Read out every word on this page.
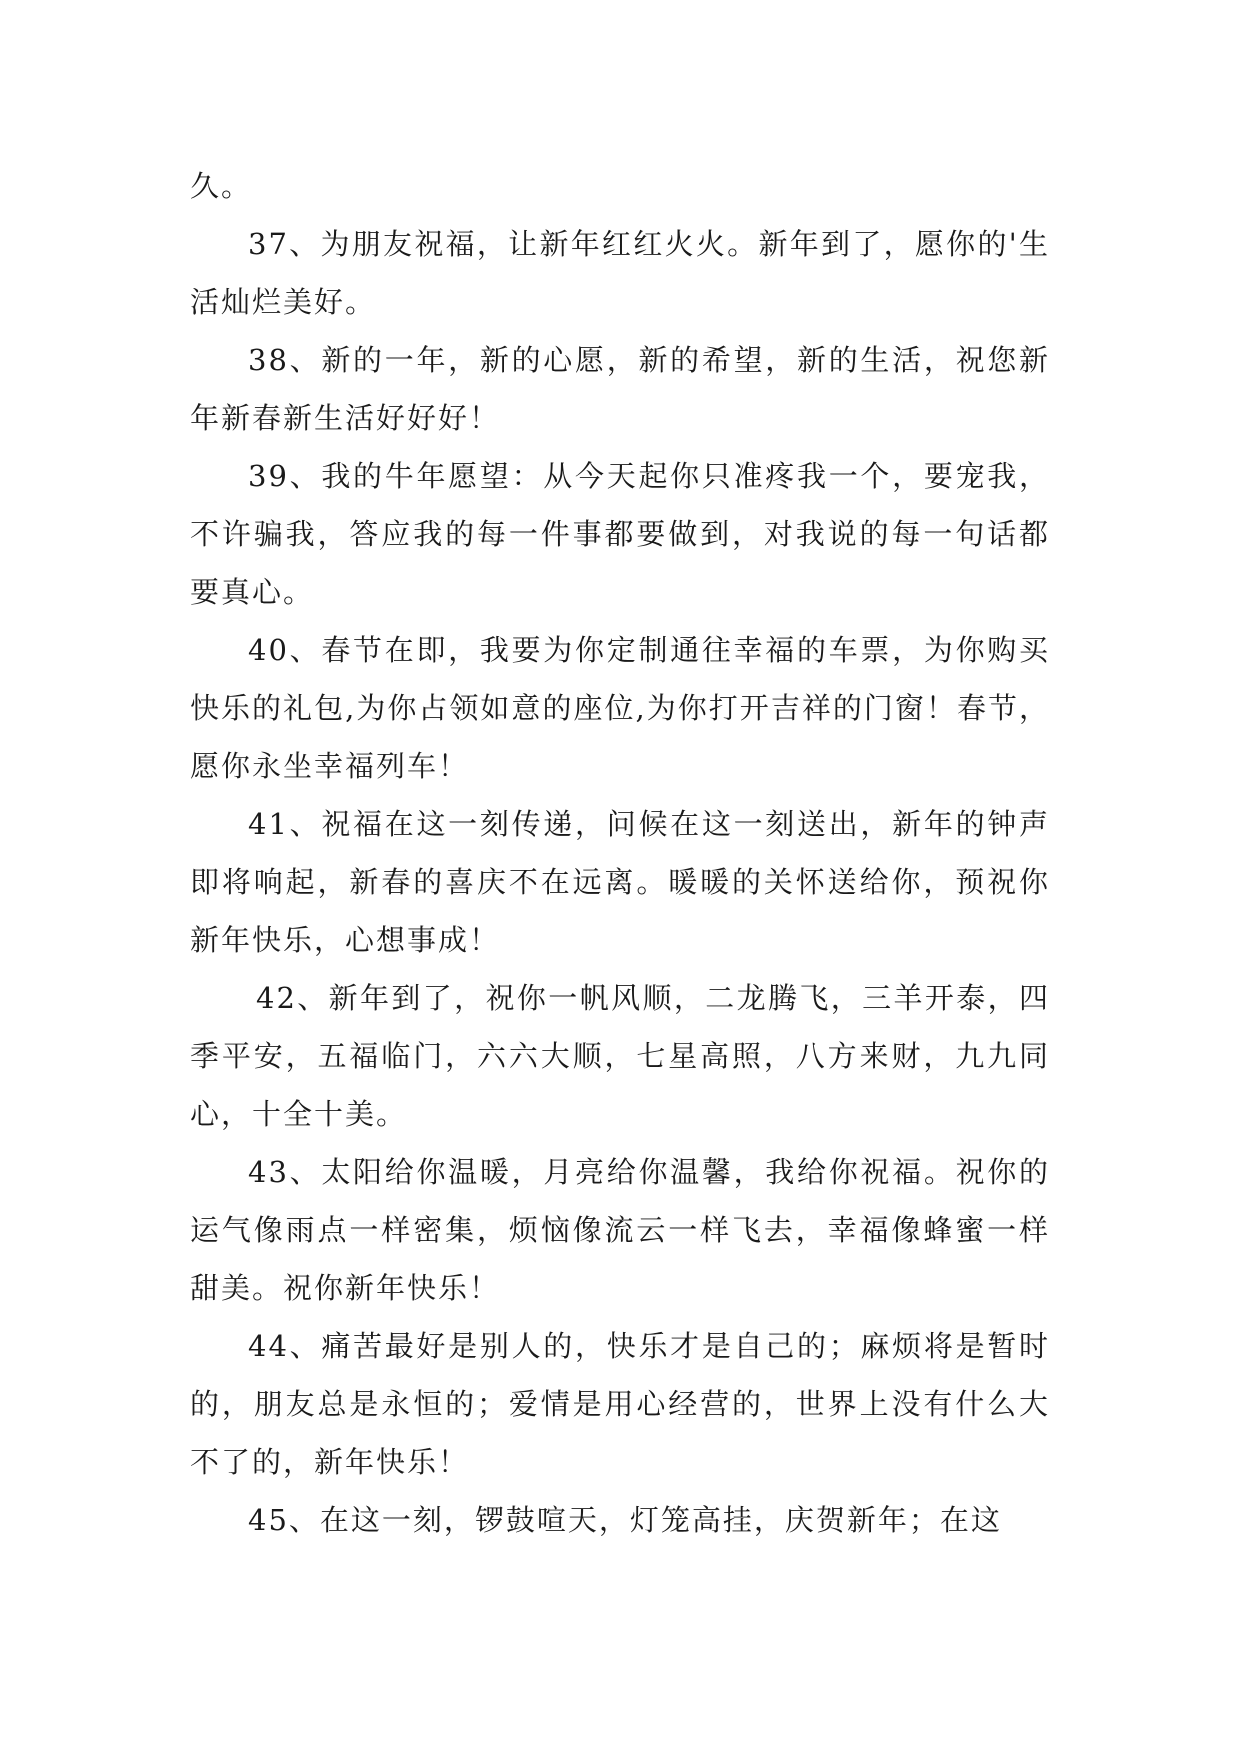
久。

37、为朋友祝福，让新年红红火火。新年到了，愿你的'生活灿烂美好。

38、新的一年，新的心愿，新的希望，新的生活，祝您新年新春新生活好好好！

39、我的牛年愿望：从今天起你只准疼我一个，要宠我，不许骗我，答应我的每一件事都要做到，对我说的每一句话都要真心。

40、春节在即，我要为你定制通往幸福的车票，为你购买快乐的礼包,为你占领如意的座位,为你打开吉祥的门窗！春节，愿你永坐幸福列车！

41、祝福在这一刻传递，问候在这一刻送出，新年的钟声即将响起，新春的喜庆不在远离。暖暖的关怀送给你，预祝你新年快乐，心想事成！

42、新年到了，祝你一帆风顺，二龙腾飞，三羊开泰，四季平安，五福临门，六六大顺，七星高照，八方来财，九九同心，十全十美。

43、太阳给你温暖，月亮给你温馨，我给你祝福。祝你的运气像雨点一样密集，烦恼像流云一样飞去，幸福像蜂蜜一样甜美。祝你新年快乐！

44、痛苦最好是别人的，快乐才是自己的；麻烦将是暂时的，朋友总是永恒的；爱情是用心经营的，世界上没有什么大不了的，新年快乐！

45、在这一刻，锣鼓喧天，灯笼高挂，庆贺新年；在这
